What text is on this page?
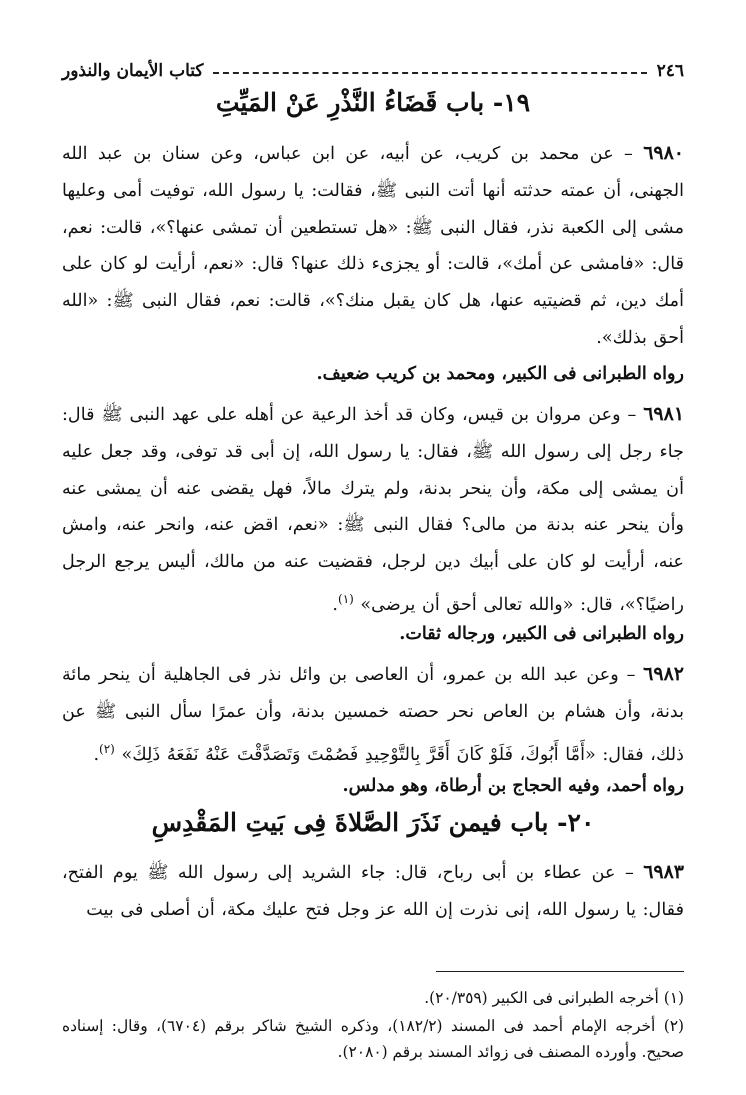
٢٤٦
كتاب الأيمان والنذور
١٩- باب قَضَاءُ النَّذْرِ عَنْ المَيِّتِ
٦٩٨٠ – عن محمد بن كريب، عن أبيه، عن ابن عباس، وعن سنان بن عبد الله الجهنى، أن عمته حدثته أنها أتت النبى ﷺ، فقالت: يا رسول الله، توفيت أمى وعليها مشى إلى الكعبة نذر، فقال النبى ﷺ: «هل تستطعين أن تمشى عنها؟»، قالت: نعم، قال: «فامشى عن أمك»، قالت: أو يجزىء ذلك عنها؟ قال: «نعم، أرأيت لو كان على أمك دين، ثم قضيتيه عنها، هل كان يقبل منك؟»، قالت: نعم، فقال النبى ﷺ: «الله أحق بذلك».
رواه الطبرانى فى الكبير، ومحمد بن كريب ضعيف.
٦٩٨١ – وعن مروان بن قيس، وكان قد أخذ الرعية عن أهله على عهد النبى ﷺ قال: جاء رجل إلى رسول الله ﷺ، فقال: يا رسول الله، إن أبى قد توفى، وقد جعل عليه أن يمشى إلى مكة، وأن ينحر بدنة، ولم يترك مالاً، فهل يقضى عنه أن يمشى عنه وأن ينحر عنه بدنة من مالى؟ فقال النبى ﷺ: «نعم، اقض عنه، وانحر عنه، وامش عنه، أرأيت لو كان على أبيك دين لرجل، فقضيت عنه من مالك، أليس يرجع الرجل راضيًا؟»، قال: «والله تعالى أحق أن يرضى» $^{(١)}$.
رواه الطبرانى فى الكبير، ورجاله ثقات.
٦٩٨٢ – وعن عبد الله بن عمرو، أن العاصى بن وائل نذر فى الجاهلية أن ينحر مائة بدنة، وأن هشام بن العاص نحر حصته خمسين بدنة، وأن عمرًا سأل النبى ﷺ عن ذلك، فقال: «أَمَّا أَبُوكَ، فَلَوْ كَانَ أَقَرَّ بِالتَّوْحِيدِ فَصُمْتَ وَتَصَدَّقْتَ عَنْهُ نَفَعَهُ ذَلِكَ» $^{(٢)}$.
رواه أحمد، وفيه الحجاج بن أرطاة، وهو مدلس.
٢٠- باب فيمن نَذَرَ الصَّلاةَ فِى بَيتِ المَقْدِسِ
٦٩٨٣ – عن عطاء بن أبى رباح، قال: جاء الشريد إلى رسول الله ﷺ يوم الفتح، فقال: يا رسول الله، إنى نذرت إن الله عز وجل فتح عليك مكة، أن أصلى فى بيت
(١) أخرجه الطبرانى فى الكبير (٢٠/٣٥٩).
(٢) أخرجه الإمام أحمد فى المسند (١٨٢/٢)، وذكره الشيخ شاكر برقم (٦٧٠٤)، وقال: إسناده صحيح. وأورده المصنف فى زوائد المسند برقم (٢٠٨٠).
